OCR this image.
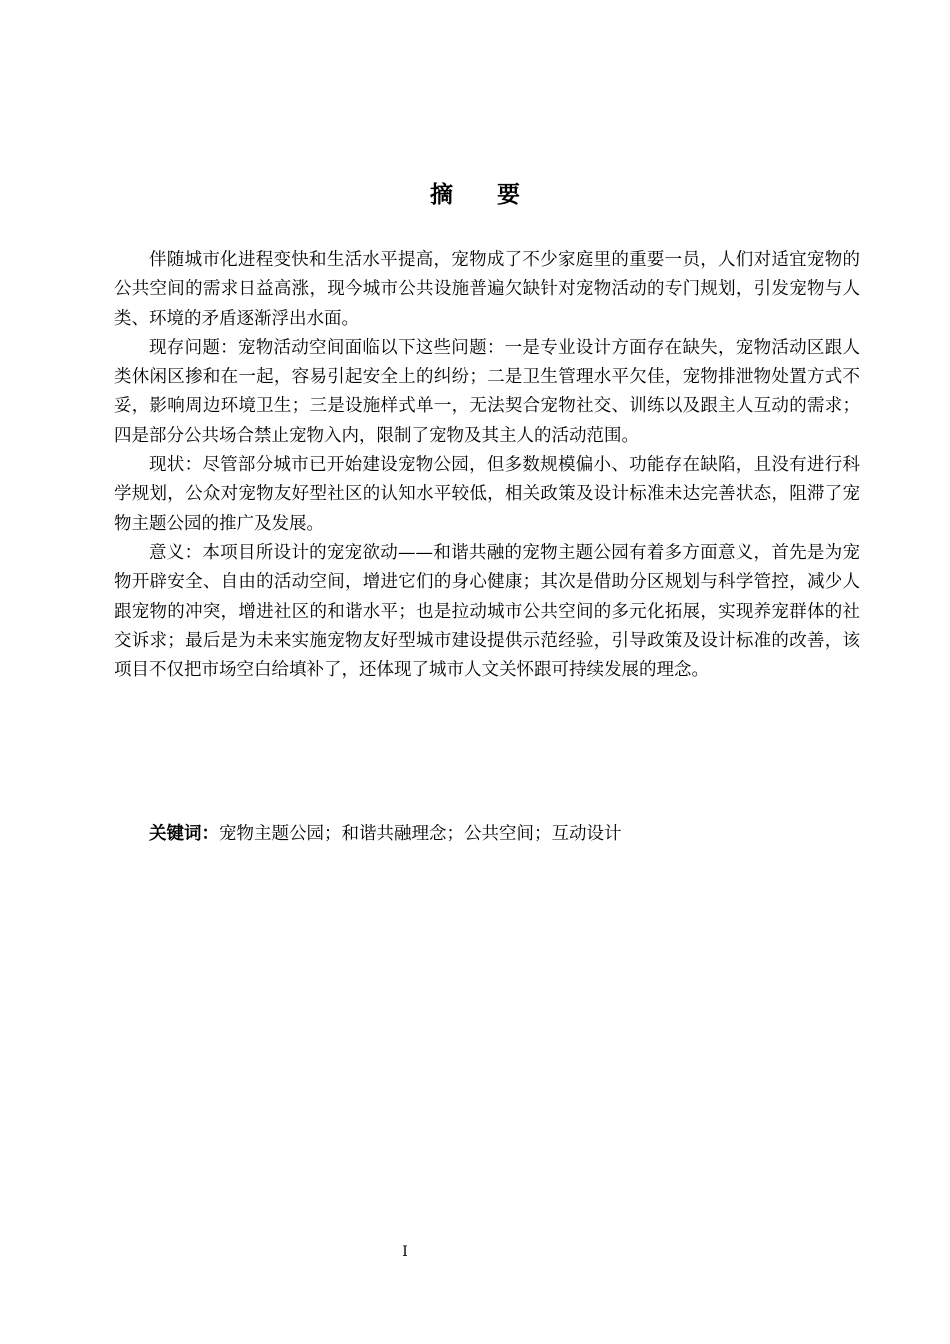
摘 要

伴随城市化进程变快和生活水平提高，宠物成了不少家庭里的重要一员，人们对适宜宠物的公共空间的需求日益高涨，现今城市公共设施普遍欠缺针对宠物活动的专门规划，引发宠物与人类、环境的矛盾逐渐浮出水面。

现存问题：宠物活动空间面临以下这些问题：一是专业设计方面存在缺失，宠物活动区跟人类休闲区掺和在一起，容易引起安全上的纠纷；二是卫生管理水平欠佳，宠物排泄物处置方式不妥，影响周边环境卫生；三是设施样式单一，无法契合宠物社交、训练以及跟主人互动的需求；四是部分公共场合禁止宠物入内，限制了宠物及其主人的活动范围。

现状：尽管部分城市已开始建设宠物公园，但多数规模偏小、功能存在缺陷，且没有进行科学规划，公众对宠物友好型社区的认知水平较低，相关政策及设计标准未达完善状态，阻滞了宠物主题公园的推广及发展。

意义：本项目所设计的宠宠欲动——和谐共融的宠物主题公园有着多方面意义，首先是为宠物开辟安全、自由的活动空间，增进它们的身心健康；其次是借助分区规划与科学管控，减少人跟宠物的冲突，增进社区的和谐水平；也是拉动城市公共空间的多元化拓展，实现养宠群体的社交诉求；最后是为未来实施宠物友好型城市建设提供示范经验，引导政策及设计标准的改善，该项目不仅把市场空白给填补了，还体现了城市人文关怀跟可持续发展的理念。

关键词：宠物主题公园；和谐共融理念；公共空间；互动设计
I
